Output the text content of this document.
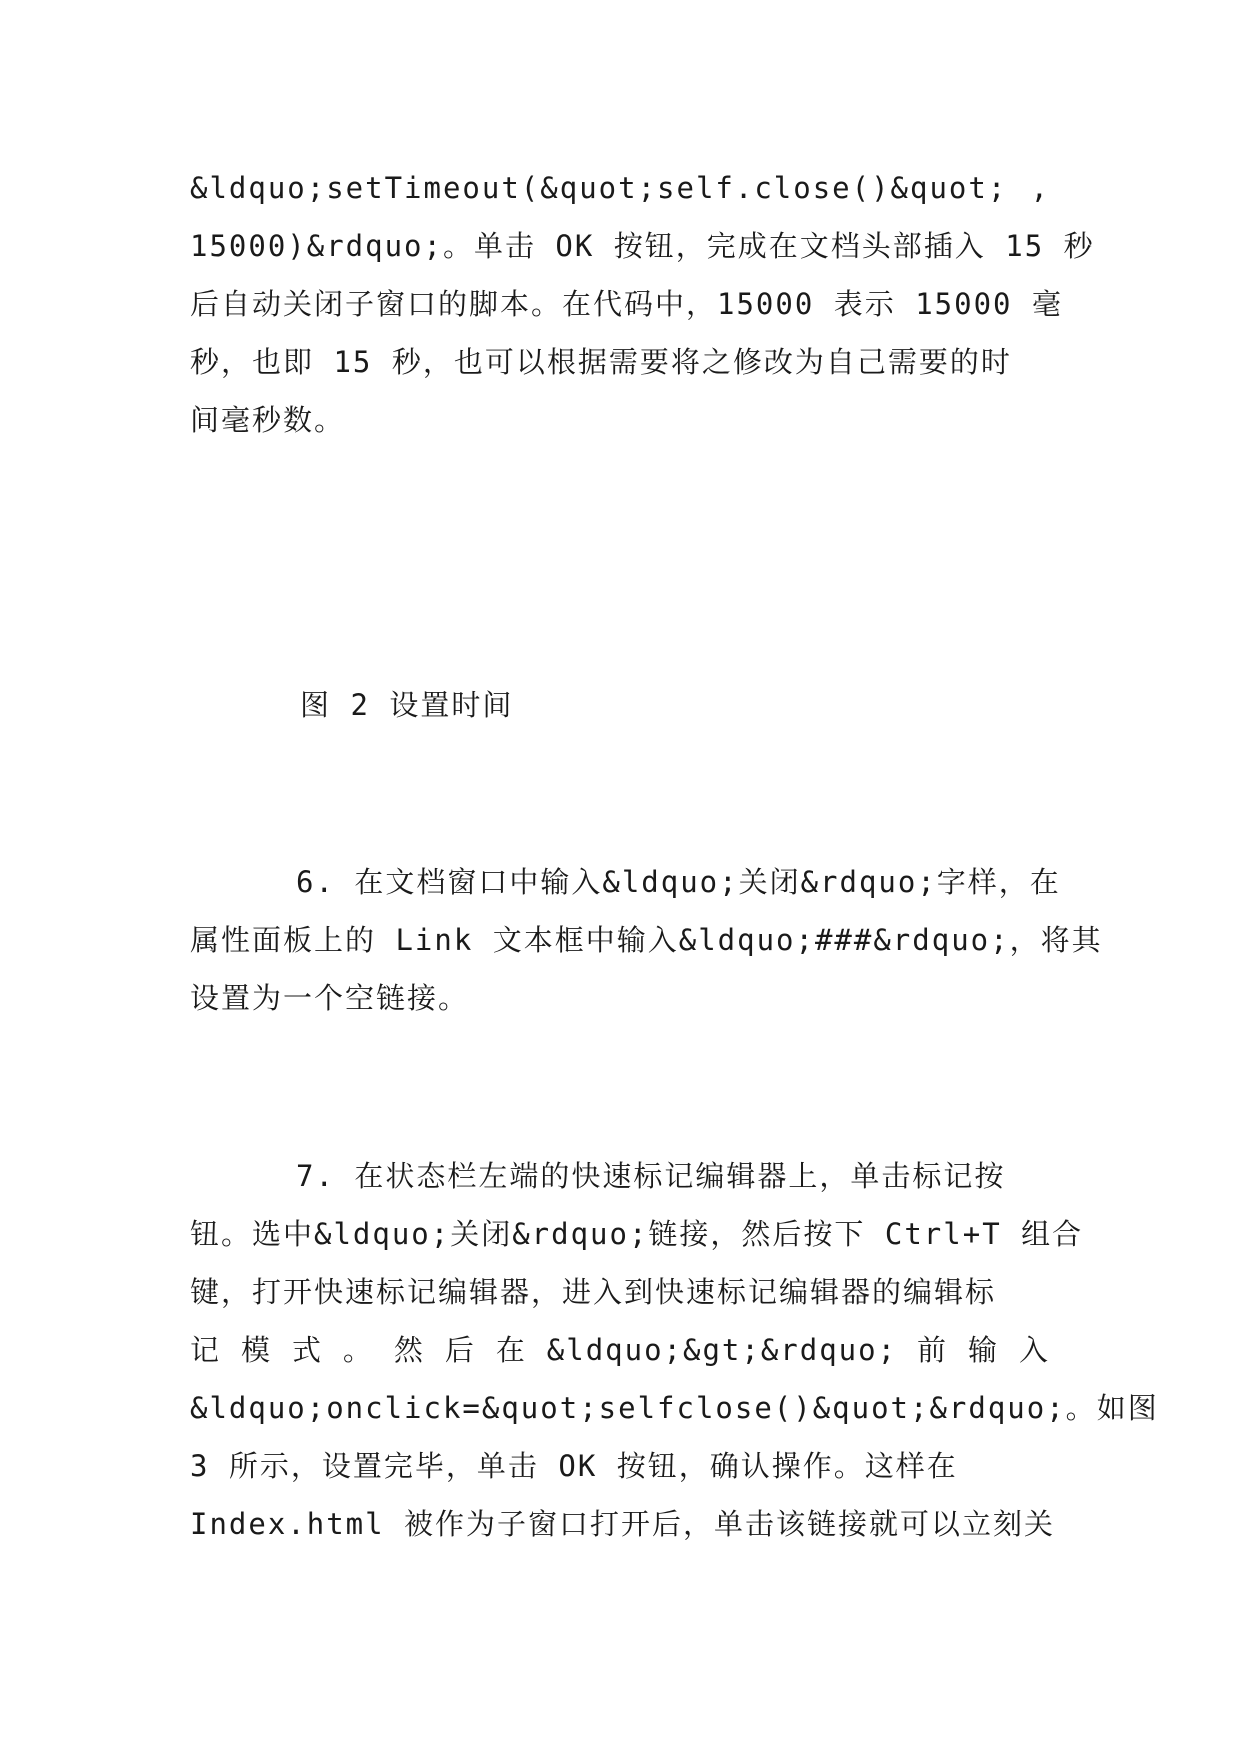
&ldquo;setTimeout(&quot;self.close()&quot; ,
15000)&rdquo;。单击 OK 按钮，完成在文档头部插入 15 秒
后自动关闭子窗口的脚本。在代码中，15000 表示 15000 毫
秒，也即 15 秒，也可以根据需要将之修改为自己需要的时
间毫秒数。
图 2 设置时间
6. 在文档窗口中输入&ldquo;关闭&rdquo;字样，在
属性面板上的 Link 文本框中输入&ldquo;###&rdquo;，将其
设置为一个空链接。
7. 在状态栏左端的快速标记编辑器上，单击标记按
钮。选中&ldquo;关闭&rdquo;链接，然后按下 Ctrl+T 组合
键，打开快速标记编辑器，进入到快速标记编辑器的编辑标
记 模 式 。 然 后 在 &ldquo;&gt;&rdquo; 前 输 入
&ldquo;onclick=&quot;selfclose()&quot;&rdquo;。 如图
3 所示，设置完毕，单击 OK 按钮，确认操作。这样在
Index.html 被作为子窗口打开后，单击该链接就可以立刻关
